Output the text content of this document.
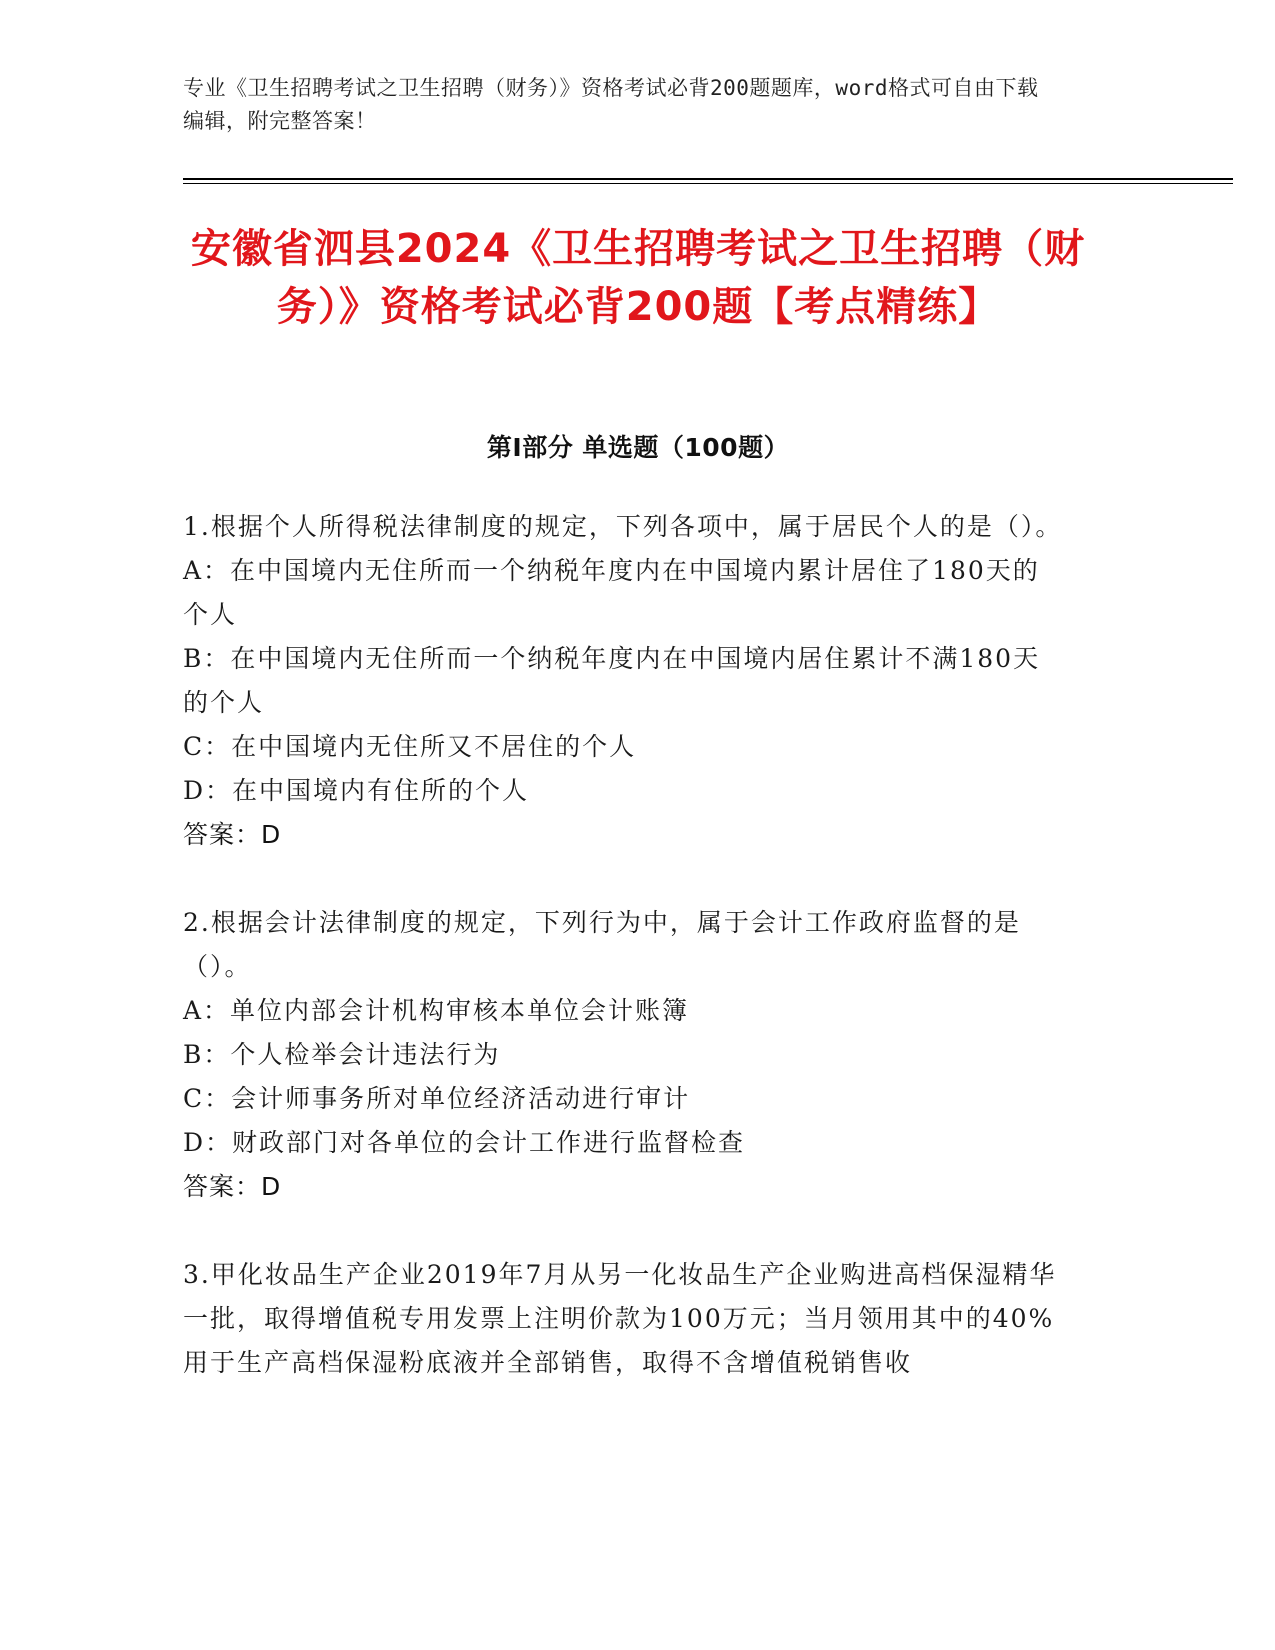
专业《卫生招聘考试之卫生招聘（财务）》资格考试必背200题题库，word格式可自由下载编辑，附完整答案！
安徽省泗县2024《卫生招聘考试之卫生招聘（财务）》资格考试必背200题【考点精练】
第Ⅰ部分 单选题（100题）
1.根据个人所得税法律制度的规定，下列各项中，属于居民个人的是（）。
A：在中国境内无住所而一个纳税年度内在中国境内累计居住了180天的个人
B：在中国境内无住所而一个纳税年度内在中国境内居住累计不满180天的个人
C：在中国境内无住所又不居住的个人
D：在中国境内有住所的个人
答案：D
2.根据会计法律制度的规定，下列行为中，属于会计工作政府监督的是（）。
A：单位内部会计机构审核本单位会计账簿
B：个人检举会计违法行为
C：会计师事务所对单位经济活动进行审计
D：财政部门对各单位的会计工作进行监督检查
答案：D
3.甲化妆品生产企业2019年7月从另一化妆品生产企业购进高档保湿精华一批，取得增值税专用发票上注明价款为100万元；当月领用其中的40%用于生产高档保湿粉底液并全部销售，取得不含增值税销售收
